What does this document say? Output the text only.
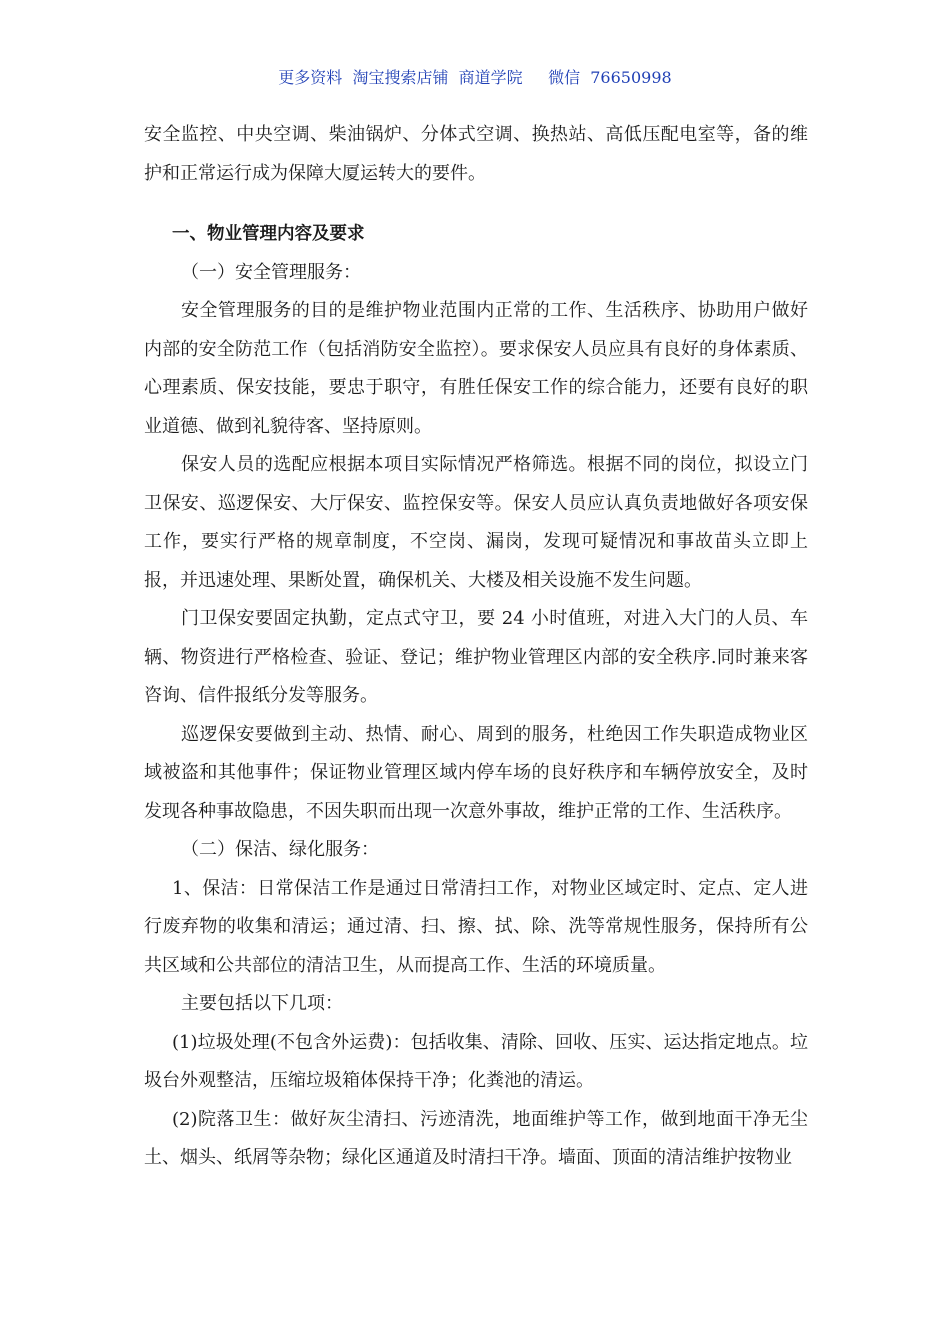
更多资料  淘宝搜索店铺  商道学院     微信  76650998

安全监控、中央空调、柴油锅炉、分体式空调、换热站、高低压配电室等，备的维护和正常运行成为保障大厦运转大的要件。

一、物业管理内容及要求

（一）安全管理服务：

安全管理服务的目的是维护物业范围内正常的工作、生活秩序、协助用户做好内部的安全防范工作（包括消防安全监控）。要求保安人员应具有良好的身体素质、心理素质、保安技能，要忠于职守，有胜任保安工作的综合能力，还要有良好的职业道德、做到礼貌待客、坚持原则。

保安人员的选配应根据本项目实际情况严格筛选。根据不同的岗位，拟设立门卫保安、巡逻保安、大厅保安、监控保安等。保安人员应认真负责地做好各项安保工作，要实行严格的规章制度，不空岗、漏岗，发现可疑情况和事故苗头立即上报，并迅速处理、果断处置，确保机关、大楼及相关设施不发生问题。

门卫保安要固定执勤，定点式守卫，要 24 小时值班，对进入大门的人员、车辆、物资进行严格检查、验证、登记；维护物业管理区内部的安全秩序.同时兼来客咨询、信件报纸分发等服务。

巡逻保安要做到主动、热情、耐心、周到的服务，杜绝因工作失职造成物业区域被盗和其他事件；保证物业管理区域内停车场的良好秩序和车辆停放安全，及时发现各种事故隐患，不因失职而出现一次意外事故，维护正常的工作、生活秩序。

（二）保洁、绿化服务：

1、保洁：日常保洁工作是通过日常清扫工作，对物业区域定时、定点、定人进行废弃物的收集和清运；通过清、扫、擦、拭、除、洗等常规性服务，保持所有公共区域和公共部位的清洁卫生，从而提高工作、生活的环境质量。

主要包括以下几项：

(1)垃圾处理(不包含外运费)：包括收集、清除、回收、压实、运达指定地点。垃圾台外观整洁，压缩垃圾箱体保持干净；化粪池的清运。

(2)院落卫生：做好灰尘清扫、污迹清洗，地面维护等工作，做到地面干净无尘土、烟头、纸屑等杂物；绿化区通道及时清扫干净。墙面、顶面的清洁维护按物业
